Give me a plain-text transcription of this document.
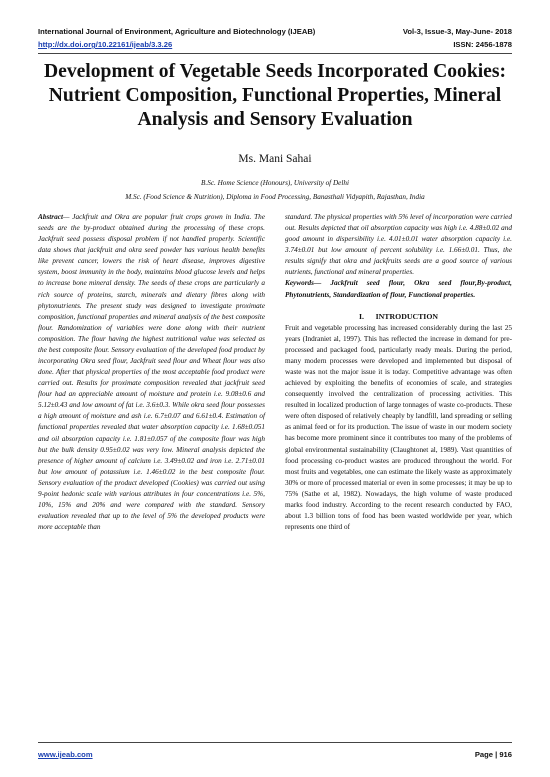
International Journal of Environment, Agriculture and Biotechnology (IJEAB)	Vol-3, Issue-3, May-June- 2018
http://dx.doi.org/10.22161/ijeab/3.3.26	ISSN: 2456-1878
Development of Vegetable Seeds Incorporated Cookies: Nutrient Composition, Functional Properties, Mineral Analysis and Sensory Evaluation
Ms. Mani Sahai
B.Sc. Home Science (Honours), University of Delhi
M.Sc. (Food Science & Nutrition), Diploma in Food Processing, Banasthali Vidyapith, Rajasthan, India
Abstract— Jackfruit and Okra are popular fruit crops grown in India. The seeds are the by-product obtained during the processing of these crops. Jackfruit seed possess disposal problem if not handled properly. Scientific data shows that jackfruit and okra seed powder has various health benefits like prevent cancer, lowers the risk of heart disease, improves digestive system, boost immunity in the body, maintains blood glucose levels and helps to increase bone mineral density. The seeds of these crops are particularly a rich source of proteins, starch, minerals and dietary fibres along with phytonutrients. The present study was designed to investigate proximate composition, functional properties and mineral analysis of the best composite flour. Randomization of variables were done along with their nutrient composition. The flour having the highest nutritional value was selected as the best composite flour. Sensory evaluation of the developed food product by incorporating Okra seed flour, Jackfruit seed flour and Wheat flour was also done. After that physical properties of the most acceptable food product were carried out. Results for proximate composition revealed that jackfruit seed flour had an appreciable amount of moisture and protein i.e. 9.08±0.6 and 5.12±0.43 and low amount of fat i.e. 3.6±0.3. While okra seed flour possesses a high amount of moisture and ash i.e. 6.7±0.07 and 6.61±0.4. Estimation of functional properties revealed that water absorption capacity i.e. 1.68±0.051 and oil absorption capacity i.e. 1.81±0.057 of the composite flour was high but the bulk density 0.95±0.02 was very low. Mineral analysis depicted the presence of higher amount of calcium i.e. 3.49±0.02 and iron i.e. 2.71±0.01 but low amount of potassium i.e. 1.46±0.02 in the best composite flour. Sensory evaluation of the product developed (Cookies) was carried out using 9-point hedonic scale with various attributes in four concentrations i.e. 5%, 10%, 15% and 20% and were compared with the standard. Sensory evaluation revealed that up to the level of 5% the developed products were more acceptable than
standard. The physical properties with 5% level of incorporation were carried out. Results depicted that oil absorption capacity was high i.e. 4.88±0.02 and good amount in dispersibility i.e. 4.01±0.01 water absorption capacity i.e. 3.74±0.01 but low amount of percent solubility i.e. 1.66±0.01. Thus, the results signify that okra and jackfruits seeds are a good source of various nutrients, functional and mineral properties.
Keywords— Jackfruit seed flour, Okra seed flour,By-product, Phytonutrients, Standardization of flour, Functional properties.
I. INTRODUCTION
Fruit and vegetable processing has increased considerably during the last 25 years (Indraniet al, 1997). This has reflected the increase in demand for pre-processed and packaged food, particularly ready meals. During the period, many modern processes were developed and implemented but disposal of waste was not the major issue it is today. Competitive advantage was often achieved by exploiting the benefits of economies of scale, and strategies consequently involved the centralization of processing activities. This resulted in localized production of large tonnages of waste co-products. These were often disposed of relatively cheaply by landfill, land spreading or selling as animal feed or for its production. The issue of waste in our modern society has become more prominent since it contributes too many of the problems of global environmental sustainability (Claughtonet al, 1989). Vast quantities of food processing co-product wastes are produced throughout the world. For most fruits and vegetables, one can estimate the likely waste as approximately 30% or more of processed material or even in some processes; it may be up to 75% (Sathe et al, 1982). Nowadays, the high volume of waste produced marks food industry. According to the recent research conducted by FAO, about 1.3 billion tons of food has been wasted worldwide per year, which represents one third of
www.ijeab.com	Page | 916
